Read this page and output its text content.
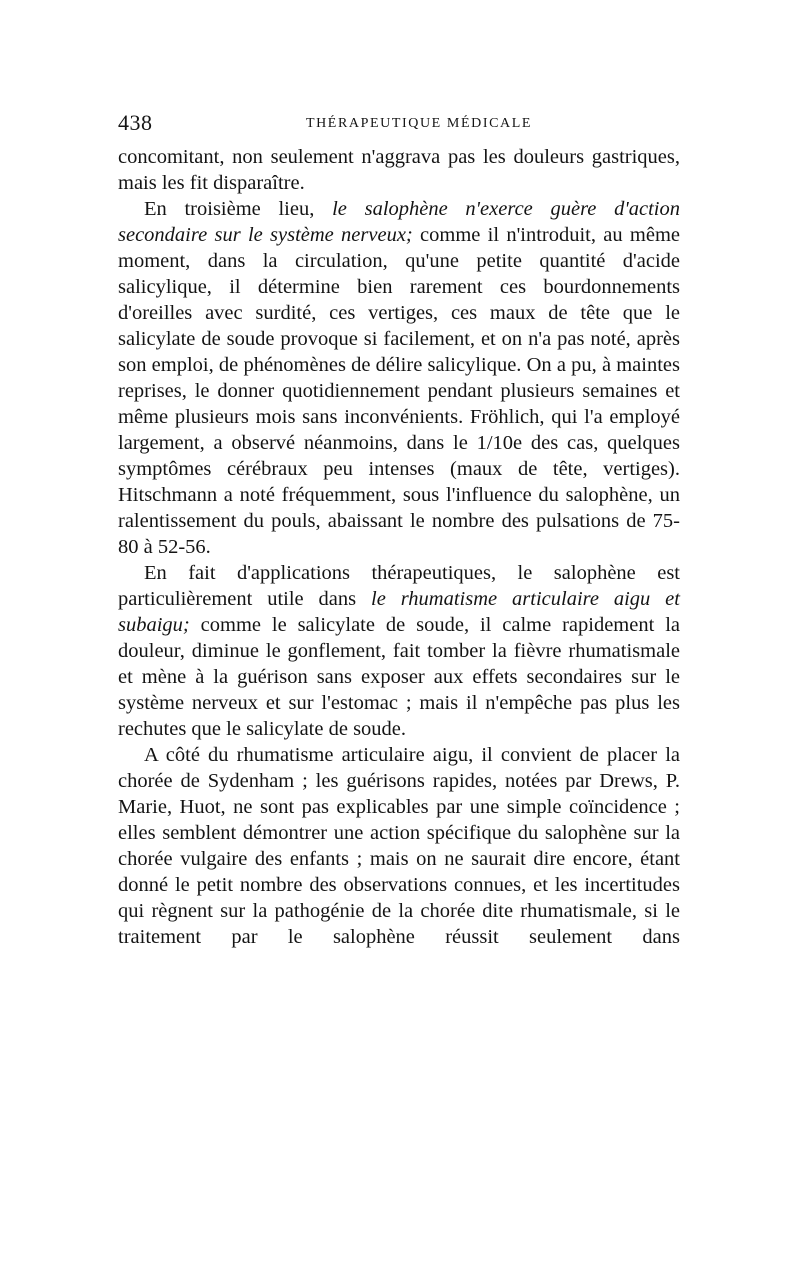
438	THÉRAPEUTIQUE MÉDICALE

concomitant, non seulement n'aggrava pas les douleurs gastriques, mais les fit disparaître.

En troisième lieu, le salophène n'exerce guère d'action secondaire sur le système nerveux; comme il n'introduit, au même moment, dans la circulation, qu'une petite quantité d'acide salicylique, il détermine bien rarement ces bourdonnements d'oreilles avec surdité, ces vertiges, ces maux de tête que le salicylate de soude provoque si facilement, et on n'a pas noté, après son emploi, de phénomènes de délire salicylique. On a pu, à maintes reprises, le donner quotidiennement pendant plusieurs semaines et même plusieurs mois sans inconvénients. Fröhlich, qui l'a employé largement, a observé néanmoins, dans le 1/10e des cas, quelques symptômes cérébraux peu intenses (maux de tête, vertiges). Hitschmann a noté fréquemment, sous l'influence du salophène, un ralentissement du pouls, abaissant le nombre des pulsations de 75-80 à 52-56.

En fait d'applications thérapeutiques, le salophène est particulièrement utile dans le rhumatisme articulaire aigu et subaigu; comme le salicylate de soude, il calme rapidement la douleur, diminue le gonflement, fait tomber la fièvre rhumatismale et mène à la guérison sans exposer aux effets secondaires sur le système nerveux et sur l'estomac ; mais il n'empêche pas plus les rechutes que le salicylate de soude.

A côté du rhumatisme articulaire aigu, il convient de placer la chorée de Sydenham ; les guérisons rapides, notées par Drews, P. Marie, Huot, ne sont pas explicables par une simple coïncidence ; elles semblent démontrer une action spécifique du salophène sur la chorée vulgaire des enfants ; mais on ne saurait dire encore, étant donné le petit nombre des observations connues, et les incertitudes qui règnent sur la pathogénie de la chorée dite rhumatismale, si le traitement par le salophène réussit seulement dans
